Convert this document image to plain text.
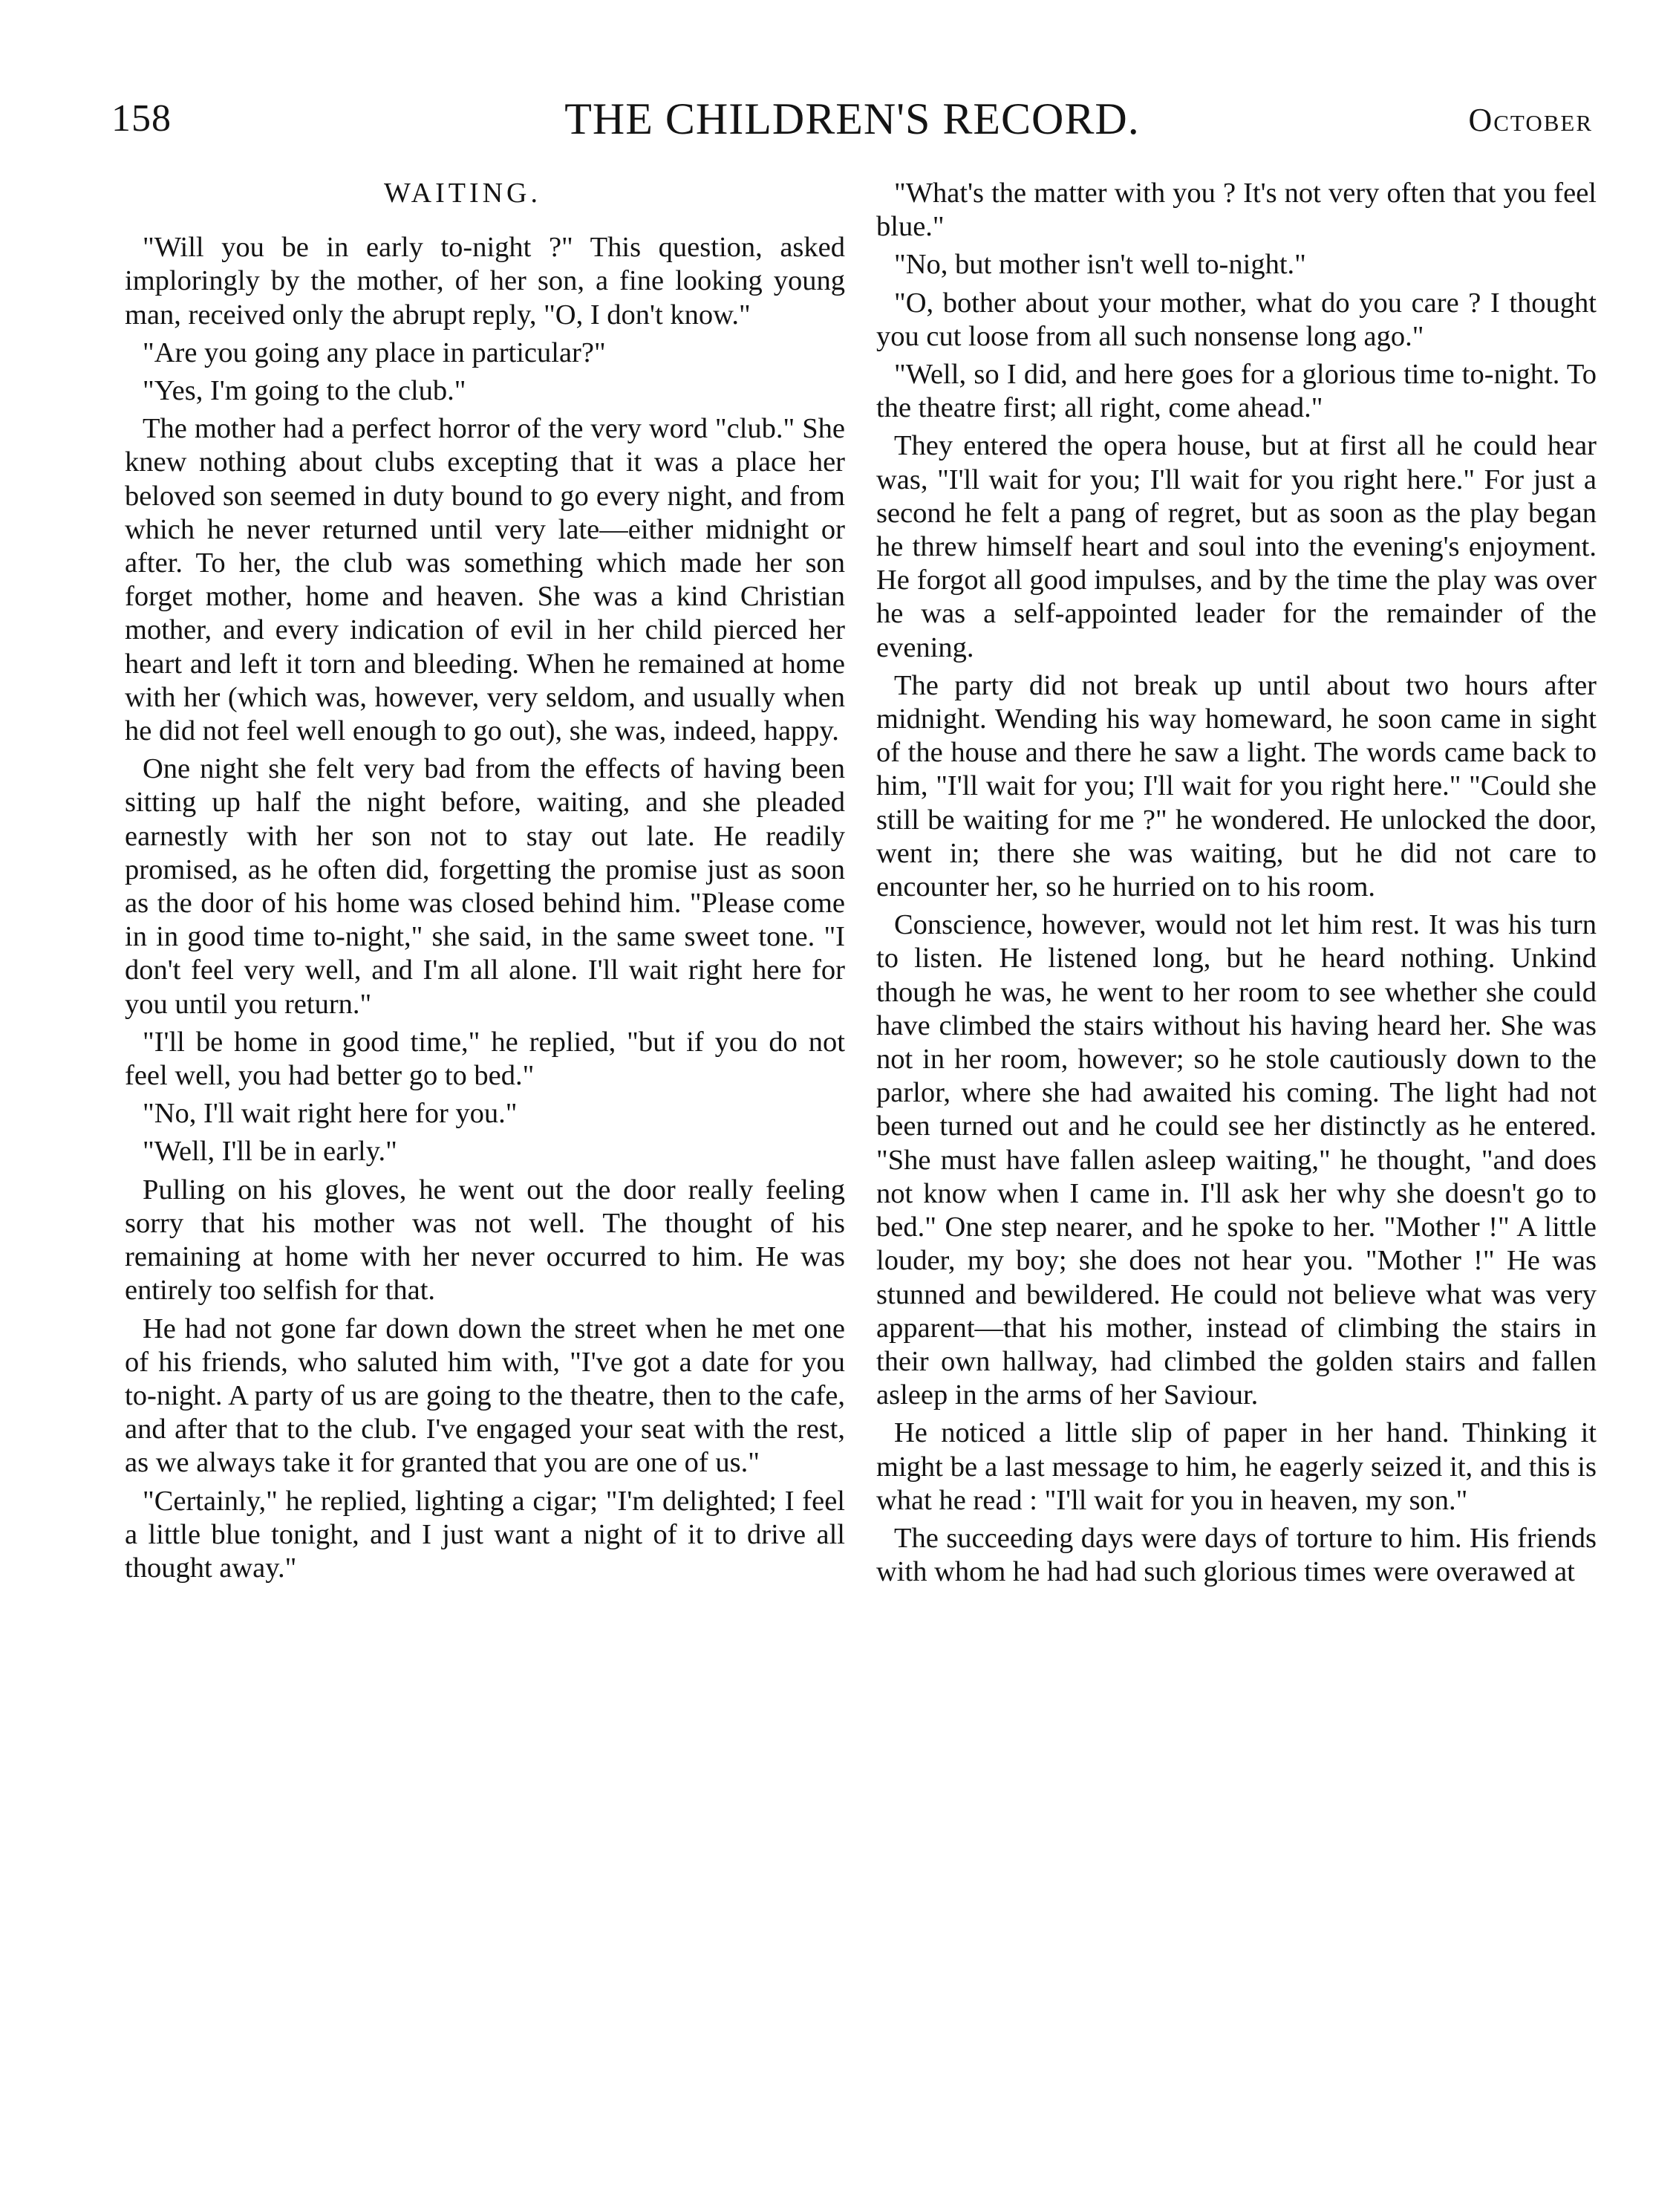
158	THE CHILDREN'S RECORD.	October
WAITING.

"Will you be in early to-night ?" This question, asked imploringly by the mother, of her son, a fine looking young man, received only the abrupt reply, "O, I don't know."

"Are you going any place in particular?"

"Yes, I'm going to the club."

The mother had a perfect horror of the very word "club." She knew nothing about clubs excepting that it was a place her beloved son seemed in duty bound to go every night, and from which he never returned until very late—either midnight or after. To her, the club was something which made her son forget mother, home and heaven. She was a kind Christian mother, and every indication of evil in her child pierced her heart and left it torn and bleeding. When he remained at home with her (which was, however, very seldom, and usually when he did not feel well enough to go out), she was, indeed, happy.

One night she felt very bad from the effects of having been sitting up half the night before, waiting, and she pleaded earnestly with her son not to stay out late. He readily promised, as he often did, forgetting the promise just as soon as the door of his home was closed behind him. "Please come in in good time to-night," she said, in the same sweet tone. "I don't feel very well, and I'm all alone. I'll wait right here for you until you return."

"I'll be home in good time," he replied, "but if you do not feel well, you had better go to bed."

"No, I'll wait right here for you."

"Well, I'll be in early."

Pulling on his gloves, he went out the door really feeling sorry that his mother was not well. The thought of his remaining at home with her never occurred to him. He was entirely too selfish for that.

He had not gone far down down the street when he met one of his friends, who saluted him with, "I've got a date for you to-night. A party of us are going to the theatre, then to the cafe, and after that to the club. I've engaged your seat with the rest, as we always take it for granted that you are one of us."

"Certainly," he replied, lighting a cigar; "I'm delighted; I feel a little blue tonight, and I just want a night of it to drive all thought away."

"What's the matter with you ? It's not very often that you feel blue."

"No, but mother isn't well to-night."

"O, bother about your mother, what do you care ? I thought you cut loose from all such nonsense long ago."

"Well, so I did, and here goes for a glorious time to-night. To the theatre first; all right, come ahead."

They entered the opera house, but at first all he could hear was, "I'll wait for you; I'll wait for you right here." For just a second he felt a pang of regret, but as soon as the play began he threw himself heart and soul into the evening's enjoyment. He forgot all good impulses, and by the time the play was over he was a self-appointed leader for the remainder of the evening.

The party did not break up until about two hours after midnight. Wending his way homeward, he soon came in sight of the house and there he saw a light. The words came back to him, "I'll wait for you; I'll wait for you right here." "Could she still be waiting for me ?" he wondered. He unlocked the door, went in; there she was waiting, but he did not care to encounter her, so he hurried on to his room.

Conscience, however, would not let him rest. It was his turn to listen. He listened long, but he heard nothing. Unkind though he was, he went to her room to see whether she could have climbed the stairs without his having heard her. She was not in her room, however; so he stole cautiously down to the parlor, where she had awaited his coming. The light had not been turned out and he could see her distinctly as he entered. "She must have fallen asleep waiting," he thought, "and does not know when I came in. I'll ask her why she doesn't go to bed." One step nearer, and he spoke to her. "Mother !" A little louder, my boy; she does not hear you. "Mother !" He was stunned and bewildered. He could not believe what was very apparent—that his mother, instead of climbing the stairs in their own hallway, had climbed the golden stairs and fallen asleep in the arms of her Saviour.

He noticed a little slip of paper in her hand. Thinking it might be a last message to him, he eagerly seized it, and this is what he read : "I'll wait for you in heaven, my son."

The succeeding days were days of torture to him. His friends with whom he had had such glorious times were overawed at
